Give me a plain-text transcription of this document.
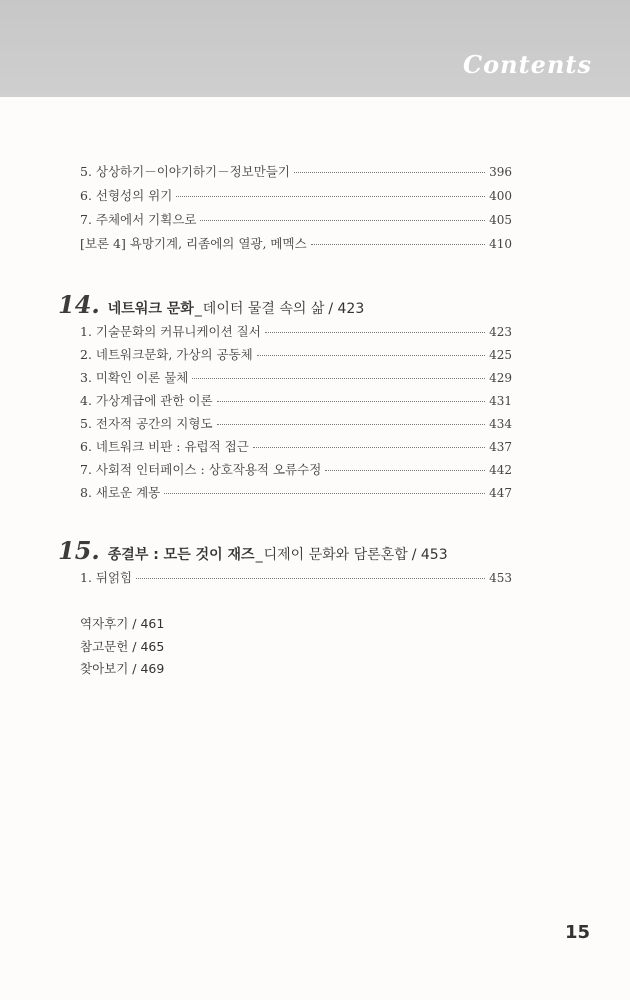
Contents
5. 상상하기－이야기하기－정보만들기	396
6. 선형성의 위기	400
7. 주체에서 기획으로	405
[보론 4] 욕망기계, 리좀에의 열광, 메멕스	410
14. 네트워크 문화 _ 데이터 물결 속의 삶 / 423
1. 기술문화의 커뮤니케이션 질서	423
2. 네트워크문화, 가상의 공동체	425
3. 미확인 이론 물체	429
4. 가상계급에 관한 이론	431
5. 전자적 공간의 지형도	434
6. 네트워크 비판 : 유럽적 접근	437
7. 사회적 인터페이스 : 상호작용적 오류수정	442
8. 새로운 계몽	447
15. 종결부 : 모든 것이 재즈 _ 디제이 문화와 담론혼합 / 453
1. 뒤얽힘	453
역자후기 / 461
참고문헌 / 465
찾아보기 / 469
15
